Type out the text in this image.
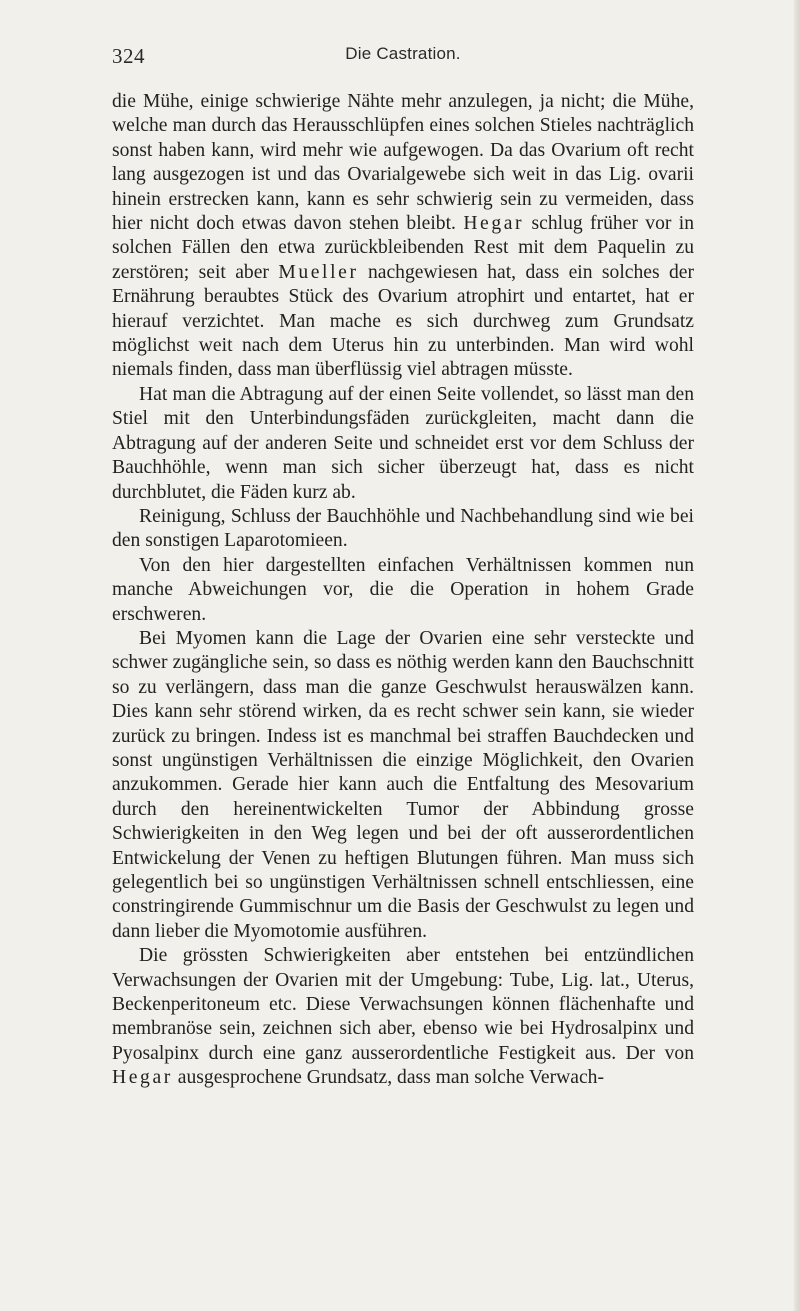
324	Die Castration.

die Mühe, einige schwierige Nähte mehr anzulegen, ja nicht; die Mühe, welche man durch das Herausschlüpfen eines solchen Stieles nachträglich sonst haben kann, wird mehr wie aufgewogen. Da das Ovarium oft recht lang ausgezogen ist und das Ovarialgewebe sich weit in das Lig. ovarii hinein erstrecken kann, kann es sehr schwierig sein zu vermeiden, dass hier nicht doch etwas davon stehen bleibt. Hegar schlug früher vor in solchen Fällen den etwa zurückbleibenden Rest mit dem Paquelin zu zerstören; seit aber Mueller nachgewiesen hat, dass ein solches der Ernährung beraubtes Stück des Ovarium atrophirt und entartet, hat er hierauf verzichtet. Man mache es sich durchweg zum Grundsatz möglichst weit nach dem Uterus hin zu unterbinden. Man wird wohl niemals finden, dass man überflüssig viel abtragen müsste.

Hat man die Abtragung auf der einen Seite vollendet, so lässt man den Stiel mit den Unterbindungsfäden zurückgleiten, macht dann die Abtragung auf der anderen Seite und schneidet erst vor dem Schluss der Bauchhöhle, wenn man sich sicher überzeugt hat, dass es nicht durchblutet, die Fäden kurz ab.

Reinigung, Schluss der Bauchhöhle und Nachbehandlung sind wie bei den sonstigen Laparotomieen.

Von den hier dargestellten einfachen Verhältnissen kommen nun manche Abweichungen vor, die die Operation in hohem Grade erschweren.

Bei Myomen kann die Lage der Ovarien eine sehr versteckte und schwer zugängliche sein, so dass es nöthig werden kann den Bauchschnitt so zu verlängern, dass man die ganze Geschwulst herauswälzen kann. Dies kann sehr störend wirken, da es recht schwer sein kann, sie wieder zurück zu bringen. Indess ist es manchmal bei straffen Bauchdecken und sonst ungünstigen Verhältnissen die einzige Möglichkeit, den Ovarien anzukommen. Gerade hier kann auch die Entfaltung des Mesovarium durch den hereinentwickelten Tumor der Abbindung grosse Schwierigkeiten in den Weg legen und bei der oft ausserordentlichen Entwickelung der Venen zu heftigen Blutungen führen. Man muss sich gelegentlich bei so ungünstigen Verhältnissen schnell entschliessen, eine constringirende Gummischnur um die Basis der Geschwulst zu legen und dann lieber die Myomotomie ausführen.

Die grössten Schwierigkeiten aber entstehen bei entzündlichen Verwachsungen der Ovarien mit der Umgebung: Tube, Lig. lat., Uterus, Beckenperitoneum etc. Diese Verwachsungen können flächenhafte und membranöse sein, zeichnen sich aber, ebenso wie bei Hydrosalpinx und Pyosalpinx durch eine ganz ausserordentliche Festigkeit aus. Der von Hegar ausgesprochene Grundsatz, dass man solche Verwach-
